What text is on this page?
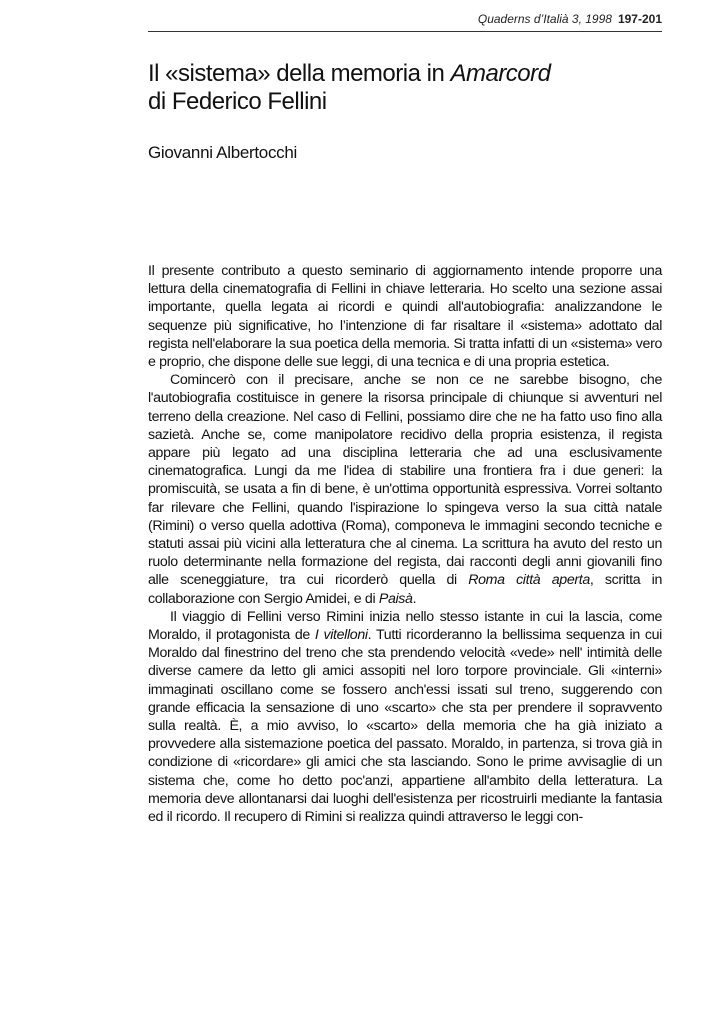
Quaderns d’Italià 3, 1998 197-201
Il «sistema» della memoria in Amarcord
di Federico Fellini
Giovanni Albertocchi

Il presente contributo a questo seminario di aggiornamento intende proporre una lettura della cinematografia di Fellini in chiave letteraria. Ho scelto una sezione assai importante, quella legata ai ricordi e quindi all'autobiografia: analizzandone le sequenze più significative, ho l’intenzione di far risaltare il «sistema» adottato dal regista nell'elaborare la sua poetica della memoria. Si tratta infatti di un «sistema» vero e proprio, che dispone delle sue leggi, di una tecnica e di una propria estetica.

Comincerò con il precisare, anche se non ce ne sarebbe bisogno, che l'autobiografia costituisce in genere la risorsa principale di chiunque si avventuri nel terreno della creazione. Nel caso di Fellini, possiamo dire che ne ha fatto uso fino alla sazietà. Anche se, come manipolatore recidivo della propria esistenza, il regista appare più legato ad una disciplina letteraria che ad una esclusivamente cinematografica. Lungi da me l'idea di stabilire una frontiera fra i due generi: la promiscuità, se usata a fin di bene, è un'ottima opportunità espressiva. Vorrei soltanto far rilevare che Fellini, quando l'ispirazione lo spingeva verso la sua città natale (Rimini) o verso quella adottiva (Roma), componeva le immagini secondo tecniche e statuti assai più vicini alla letteratura che al cinema. La scrittura ha avuto del resto un ruolo determinante nella formazione del regista, dai racconti degli anni giovanili fino alle sceneggiature, tra cui ricorderò quella di Roma città aperta, scritta in collaborazione con Sergio Amidei, e di Paisà.

Il viaggio di Fellini verso Rimini inizia nello stesso istante in cui la lascia, come Moraldo, il protagonista de I vitelloni. Tutti ricorderanno la bellissima sequenza in cui Moraldo dal finestrino del treno che sta prendendo velocità «vede» nell' intimità delle diverse camere da letto gli amici assopiti nel loro torpore provinciale. Gli «interni» immaginati oscillano come se fossero anch'essi issati sul treno, suggerendo con grande efficacia la sensazione di uno «scarto» che sta per prendere il sopravvento sulla realtà. È, a mio avviso, lo «scarto» della memoria che ha già iniziato a provvedere alla sistemazione poetica del passato. Moraldo, in partenza, si trova già in condizione di «ricordare» gli amici che sta lasciando. Sono le prime avvisaglie di un sistema che, come ho detto poc'anzi, appartiene all'ambito della letteratura. La memoria deve allontanarsi dai luoghi dell'esistenza per ricostruirli mediante la fantasia ed il ricordo. Il recupero di Rimini si realizza quindi attraverso le leggi con-
